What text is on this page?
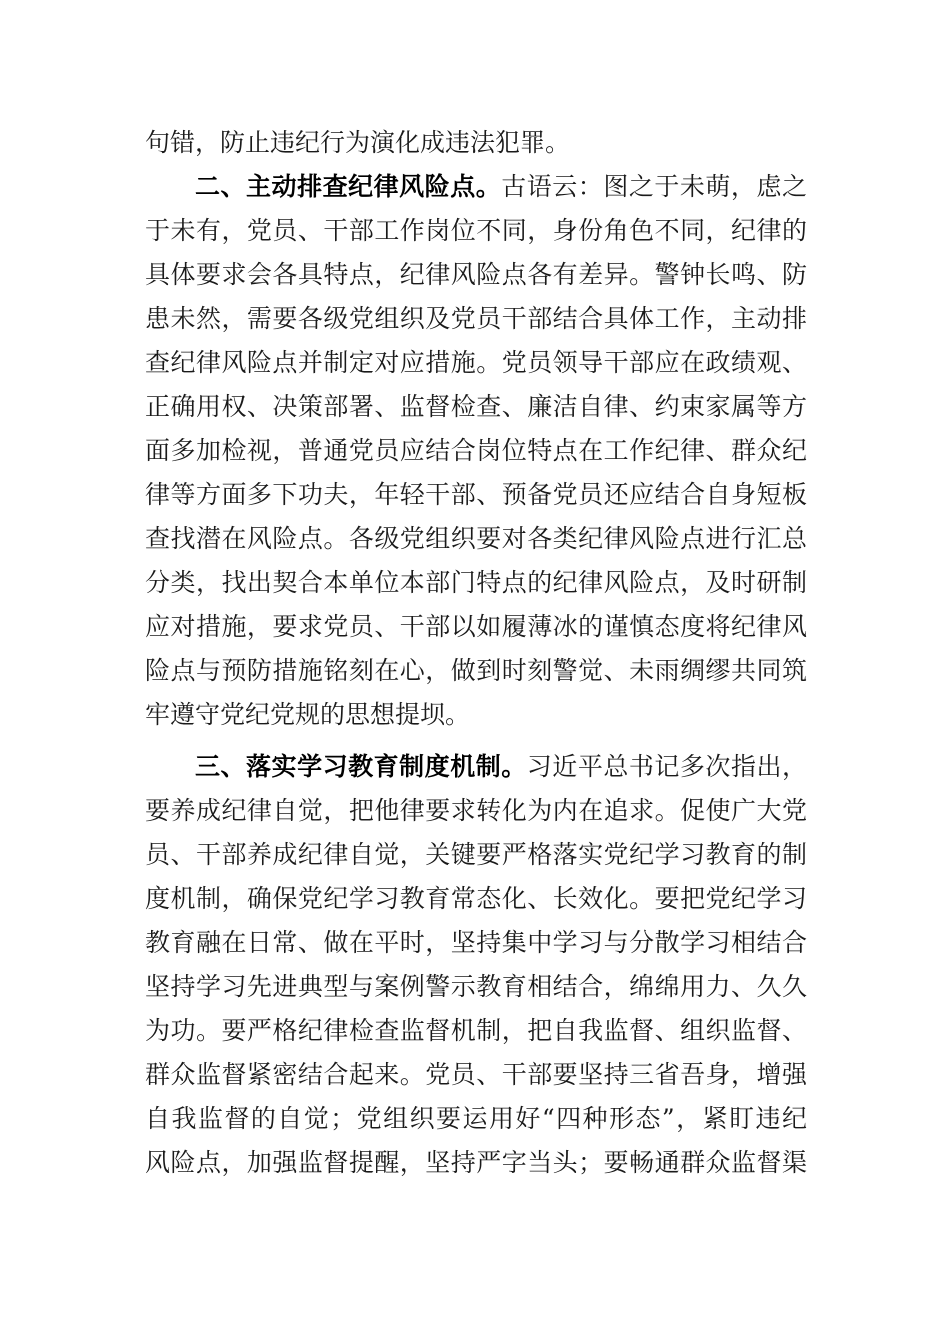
句错，防止违纪行为演化成违法犯罪。
二、主动排查纪律风险点。古语云：图之于未萌，虑之
于未有，党员、干部工作岗位不同，身份角色不同，纪律的
具体要求会各具特点，纪律风险点各有差异。警钟长鸣、防
患未然，需要各级党组织及党员干部结合具体工作，主动排
查纪律风险点并制定对应措施。党员领导干部应在政绩观、
正确用权、决策部署、监督检查、廉洁自律、约束家属等方
面多加检视，普通党员应结合岗位特点在工作纪律、群众纪
律等方面多下功夫，年轻干部、预备党员还应结合自身短板
查找潜在风险点。各级党组织要对各类纪律风险点进行汇总
分类，找出契合本单位本部门特点的纪律风险点，及时研制
应对措施，要求党员、干部以如履薄冰的谨慎态度将纪律风
险点与预防措施铭刻在心，做到时刻警觉、未雨绸缪共同筑
牢遵守党纪党规的思想提坝。
三、落实学习教育制度机制。习近平总书记多次指出，
要养成纪律自觉，把他律要求转化为内在追求。促使广大党
员、干部养成纪律自觉，关键要严格落实党纪学习教育的制
度机制，确保党纪学习教育常态化、长效化。要把党纪学习
教育融在日常、做在平时，坚持集中学习与分散学习相结合
坚持学习先进典型与案例警示教育相结合，绵绵用力、久久
为功。要严格纪律检查监督机制，把自我监督、组织监督、
群众监督紧密结合起来。党员、干部要坚持三省吾身，增强
自我监督的自觉；党组织要运用好“四种形态”，紧盯违纪
风险点，加强监督提醒，坚持严字当头；要畅通群众监督渠
